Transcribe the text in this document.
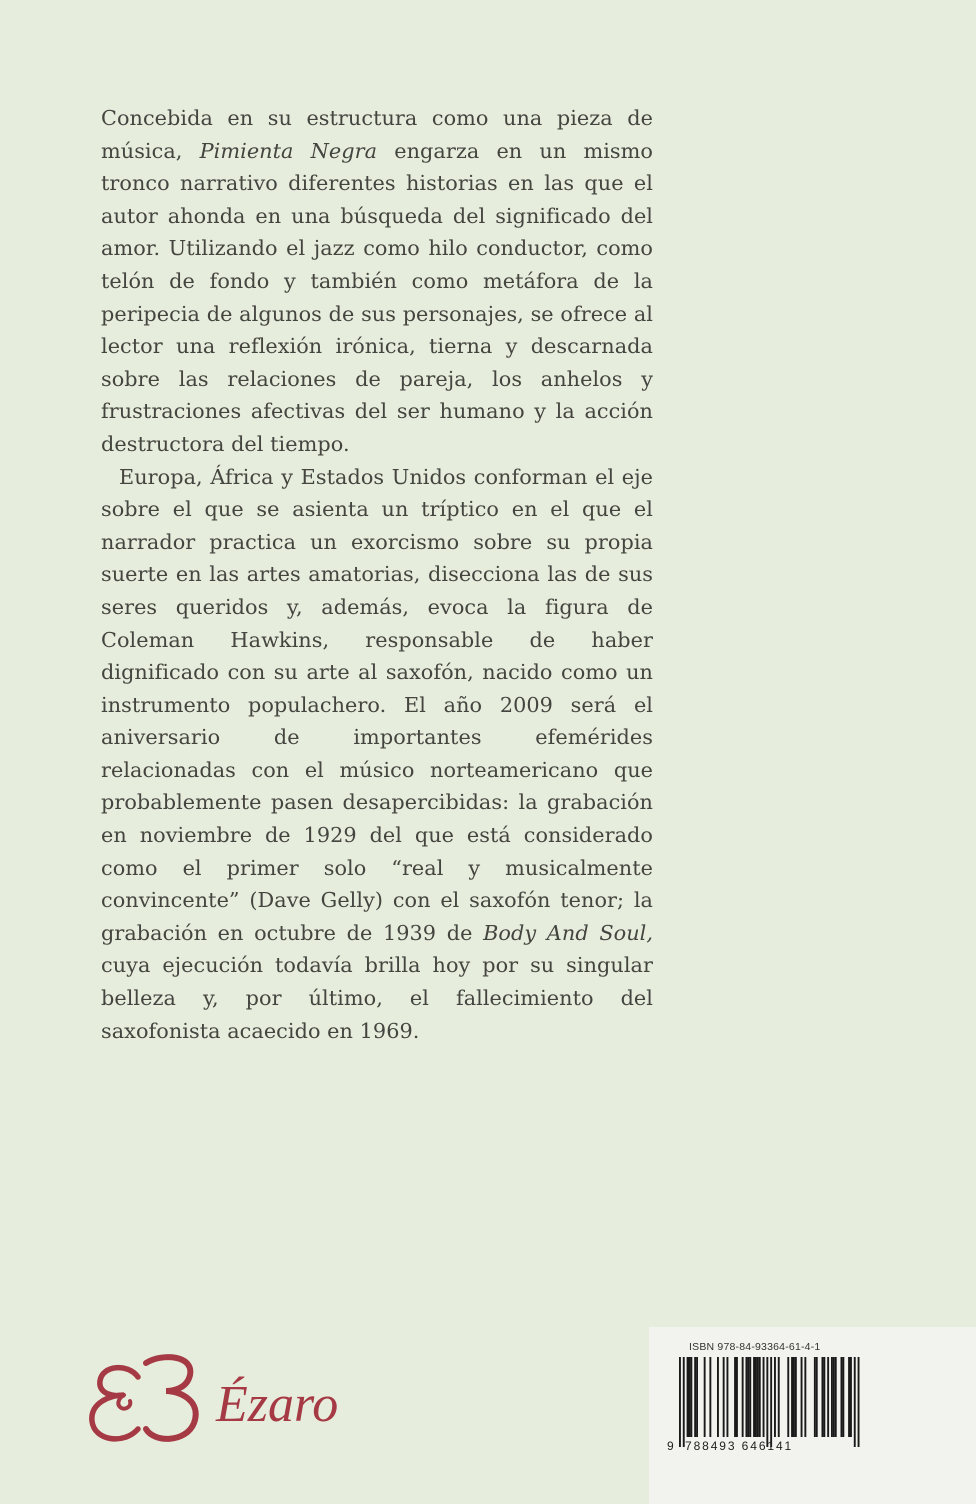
Concebida en su estructura como una pieza de música, Pimienta Negra engarza en un mismo tronco narrativo diferentes historias en las que el autor ahonda en una búsqueda del significado del amor. Utilizando el jazz como hilo conductor, como telón de fondo y también como metáfora de la peripecia de algunos de sus personajes, se ofrece al lector una reflexión irónica, tierna y descarnada sobre las relaciones de pareja, los anhelos y frustraciones afectivas del ser humano y la acción destructora del tiempo.

Europa, África y Estados Unidos conforman el eje sobre el que se asienta un tríptico en el que el narrador practica un exorcismo sobre su propia suerte en las artes amatorias, disecciona las de sus seres queridos y, además, evoca la figura de Coleman Hawkins, responsable de haber dignificado con su arte al saxofón, nacido como un instrumento populachero. El año 2009 será el aniversario de importantes efemérides relacionadas con el músico norteamericano que probablemente pasen desapercibidas: la grabación en noviembre de 1929 del que está considerado como el primer solo “real y musicalmente convincente” (Dave Gelly) con el saxofón tenor; la grabación en octubre de 1939 de Body And Soul, cuya ejecución todavía brilla hoy por su singular belleza y, por último, el fallecimiento del saxofonista acaecido en 1969.

Ézaro
ISBN 978-84-93364-61-4-1
9 788493 646141
